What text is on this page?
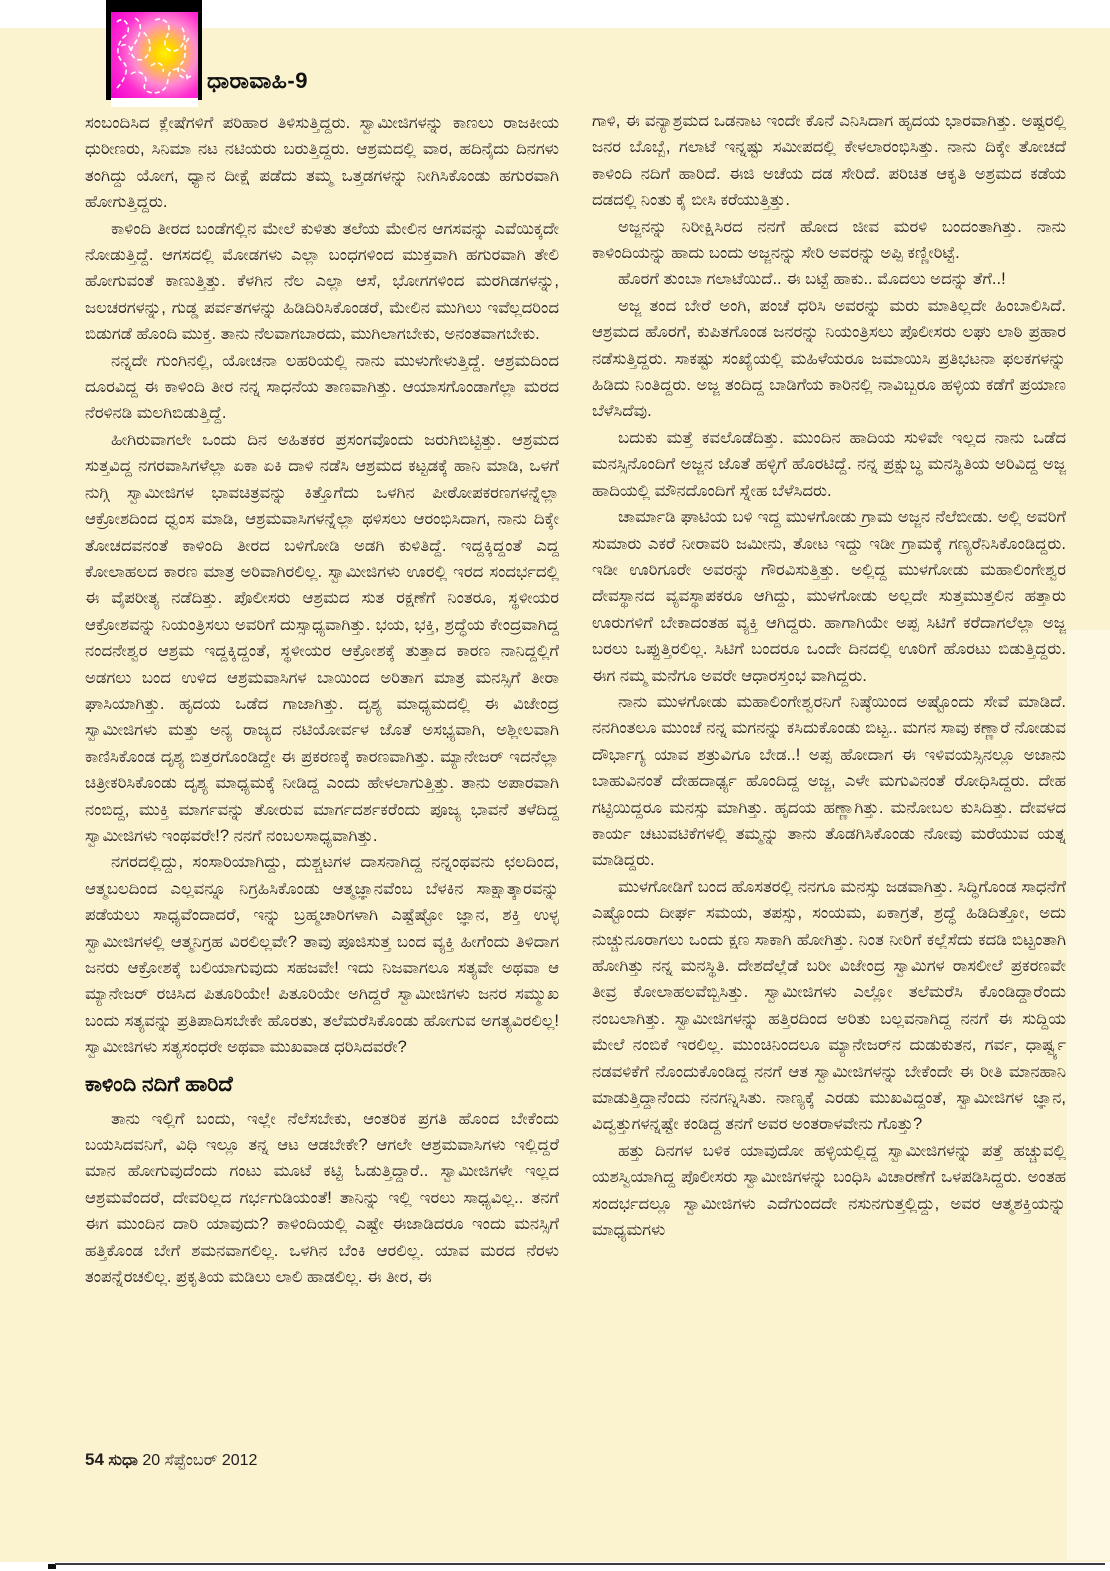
ಧಾರಾವಾಹಿ-9

ಸಂಬಂದಿಸಿದ ಕ್ಲೇಷೆಗಳಿಗೆ ಪರಿಹಾರ ತಿಳಿಸುತ್ತಿದ್ದರು. ಸ್ವಾಮೀಜಿಗಳನ್ನು ಕಾಣಲು ರಾಜಕೀಯ ಧುರೀಣರು, ಸಿನಿಮಾ ನಟ ನಟಿಯರು ಬರುತ್ತಿದ್ದರು. ಆಶ್ರಮದಲ್ಲಿ ವಾರ, ಹದಿನೈದು ದಿನಗಳು ತಂಗಿದ್ದು ಯೋಗ, ಧ್ಯಾನ ದೀಕ್ಷೆ ಪಡೆದು ತಮ್ಮ ಒತ್ತಡಗಳನ್ನು ನೀಗಿಸಿಕೊಂಡು ಹಗುರವಾಗಿ ಹೋಗುತ್ತಿದ್ದರು.

ಕಾಳಿಂದಿ ತೀರದ ಬಂಡೆಗಲ್ಲಿನ ಮೇಲೆ ಕುಳಿತು ತಲೆಯ ಮೇಲಿನ ಆಗಸವನ್ನು ಎವೆಯಿಕ್ಕದೇ ನೋಡುತ್ತಿದ್ದೆ. ಆಗಸದಲ್ಲಿ ಮೋಡಗಳು ಎಲ್ಲಾ ಬಂಧಗಳಿಂದ ಮುಕ್ತವಾಗಿ ಹಗುರವಾಗಿ ತೇಲಿ ಹೋಗುವಂತೆ ಕಾಣುತ್ತಿತ್ತು. ಕೆಳಗಿನ ನೆಲ ಎಲ್ಲಾ ಆಸೆ, ಭೋಗಗಳಿಂದ ಮರಗಿಡಗಳನ್ನು, ಜಲಚರಗಳನ್ನು, ಗುಡ್ಡ ಪರ್ವತಗಳನ್ನು ಹಿಡಿದಿರಿಸಿಕೊಂಡರೆ, ಮೇಲಿನ ಮುಗಿಲು ಇವೆಲ್ಲದರಿಂದ ಬಿಡುಗಡೆ ಹೊಂದಿ ಮುಕ್ತ. ತಾನು ನೆಲವಾಗಬಾರದು, ಮುಗಿಲಾಗಬೇಕು, ಅನಂತವಾಗಬೇಕು.

ನನ್ನದೇ ಗುಂಗಿನಲ್ಲಿ, ಯೋಚನಾ ಲಹರಿಯಲ್ಲಿ ನಾನು ಮುಳುಗೇಳುತ್ತಿದ್ದೆ. ಆಶ್ರಮದಿಂದ ದೂರವಿದ್ದ ಈ ಕಾಳಿಂದಿ ತೀರ ನನ್ನ ಸಾಧನೆಯ ತಾಣವಾಗಿತ್ತು. ಆಯಾಸಗೊಂಡಾಗೆಲ್ಲಾ ಮರದ ನೆರಳಿನಡಿ ಮಲಗಿಬಿಡುತ್ತಿದ್ದೆ.

ಹೀಗಿರುವಾಗಲೇ ಒಂದು ದಿನ ಅಹಿತಕರ ಪ್ರಸಂಗವೊಂದು ಜರುಗಿಬಿಟ್ಟಿತ್ತು. ಆಶ್ರಮದ ಸುತ್ತವಿದ್ದ ನಗರವಾಸಿಗಳೆಲ್ಲಾ ಏಕಾ ಏಕಿ ದಾಳಿ ನಡೆಸಿ ಆಶ್ರಮದ ಕಟ್ಟಡಕ್ಕೆ ಹಾನಿ ಮಾಡಿ, ಒಳಗೆ ನುಗ್ಗಿ ಸ್ವಾಮೀಜಿಗಳ ಭಾವಚಿತ್ರವನ್ನು ಕಿತ್ತೊಗೆದು ಒಳಗಿನ ಪೀಠೋಪಕರಣಗಳನ್ನೆಲ್ಲಾ ಆಕ್ರೋಶದಿಂದ ಧ್ವಂಸ ಮಾಡಿ, ಆಶ್ರಮವಾಸಿಗಳನ್ನೆಲ್ಲಾ ಥಳಿಸಲು ಆರಂಭಿಸಿದಾಗ, ನಾನು ದಿಕ್ಕೇ ತೋಚದವನಂತೆ ಕಾಳಿಂದಿ ತೀರದ ಬಳಿಗೋಡಿ ಅಡಗಿ ಕುಳಿತಿದ್ದೆ. ಇದ್ದಕ್ಕಿದ್ದಂತೆ ಎದ್ದ ಕೋಲಾಹಲದ ಕಾರಣ ಮಾತ್ರ ಅರಿವಾಗಿರಲಿಲ್ಲ. ಸ್ವಾಮೀಜಿಗಳು ಊರಲ್ಲಿ ಇರದ ಸಂದರ್ಭದಲ್ಲಿ ಈ ವೈಪರೀತ್ಯ ನಡೆದಿತ್ತು. ಪೊಲೀಸರು ಆಶ್ರಮದ ಸುತ ರಕ್ಷಣೆಗೆ ನಿಂತರೂ, ಸ್ಥಳೀಯರ ಆಕ್ರೋಶವನ್ನು ನಿಯಂತ್ರಿಸಲು ಅವರಿಗೆ ದುಸ್ಸಾಧ್ಯವಾಗಿತ್ತು. ಭಯ, ಭಕ್ತಿ, ಶ್ರದ್ಧೆಯ ಕೇಂದ್ರವಾಗಿದ್ದ ನಂದನೇಶ್ವರ ಆಶ್ರಮ ಇದ್ದಕ್ಕಿದ್ದಂತೆ, ಸ್ಥಳೀಯರ ಆಕ್ರೋಶಕ್ಕೆ ತುತ್ತಾದ ಕಾರಣ ನಾನಿದ್ದಲ್ಲಿಗೆ ಅಡಗಲು ಬಂದ ಉಳಿದ ಆಶ್ರಮವಾಸಿಗಳ ಬಾಯಿಂದ ಅರಿತಾಗ ಮಾತ್ರ ಮನಸ್ಸಿಗೆ ತೀರಾ ಘಾಸಿಯಾಗಿತ್ತು. ಹೃದಯ ಒಡೆದ ಗಾಜಾಗಿತ್ತು. ದೃಶ್ಯ ಮಾಧ್ಯಮದಲ್ಲಿ ಈ ವಿಜೇಂದ್ರ ಸ್ವಾಮೀಜಿಗಳು ಮತ್ತು ಅನ್ಯ ರಾಜ್ಯದ ನಟಿಯೋರ್ವಳ ಜೊತೆ ಅಸಭ್ಯವಾಗಿ, ಅಶ್ಲೀಲವಾಗಿ ಕಾಣಿಸಿಕೊಂಡ ದೃಶ್ಯ ಬಿತ್ತರಗೊಂಡಿದ್ದೇ ಈ ಪ್ರಕರಣಕ್ಕೆ ಕಾರಣವಾಗಿತ್ತು. ಮ್ಯಾನೇಜರ್ ಇದನೆಲ್ಲಾ ಚಿತ್ರೀಕರಿಸಿಕೊಂಡು ದೃಶ್ಯ ಮಾಧ್ಯಮಕ್ಕೆ ನೀಡಿದ್ದ ಎಂದು ಹೇಳಲಾಗುತ್ತಿತ್ತು. ತಾನು ಅಪಾರವಾಗಿ ನಂಬಿದ್ದ, ಮುಕ್ತಿ ಮಾರ್ಗವನ್ನು ತೋರುವ ಮಾರ್ಗದರ್ಶಕರೆಂದು ಪೂಜ್ಯ ಭಾವನೆ ತಳೆದಿದ್ದ ಸ್ವಾಮೀಜಿಗಳು ಇಂಥವರೇ!? ನನಗೆ ನಂಬಲಸಾಧ್ಯವಾಗಿತ್ತು.

ನಗರದಲ್ಲಿದ್ದು, ಸಂಸಾರಿಯಾಗಿದ್ದು, ದುಶ್ಚಟಗಳ ದಾಸನಾಗಿದ್ದ ನನ್ನಂಥವನು ಛಲದಿಂದ, ಆತ್ಮಬಲದಿಂದ ಎಲ್ಲವನ್ನೂ ನಿಗ್ರಹಿಸಿಕೊಂಡು ಆತ್ಮಜ್ಞಾನವೆಂಬ ಬೆಳಕಿನ ಸಾಕ್ಷಾತ್ಕಾರವನ್ನು ಪಡೆಯಲು ಸಾಧ್ಯವೆಂದಾದರೆ, ಇನ್ನು ಬ್ರಹ್ಮಚಾರಿಗಳಾಗಿ ಎಷ್ಟೆಷ್ಟೋ ಜ್ಞಾನ, ಶಕ್ತಿ ಉಳ್ಳ ಸ್ವಾಮೀಜಿಗಳಲ್ಲಿ ಆತ್ಮನಿಗ್ರಹ ವಿರಲಿಲ್ಲವೇ? ತಾವು ಪೂಜಿಸುತ್ತ ಬಂದ ವ್ಯಕ್ತಿ ಹೀಗೆಂದು ತಿಳಿದಾಗ ಜನರು ಆಕ್ರೋಶಕ್ಕೆ ಬಲಿಯಾಗುವುದು ಸಹಜವೇ! ಇದು ನಿಜವಾಗಲೂ ಸತ್ಯವೇ ಅಥವಾ ಆ ಮ್ಯಾನೇಜರ್ ರಚಿಸಿದ ಪಿತೂರಿಯೇ! ಪಿತೂರಿಯೇ ಅಗಿದ್ದರೆ ಸ್ವಾಮೀಜಿಗಳು ಜನರ ಸಮ್ಮುಖ ಬಂದು ಸತ್ಯವನ್ನು ಪ್ರತಿಪಾದಿಸಬೇಕೇ ಹೊರತು, ತಲೆಮರೆಸಿಕೊಂಡು ಹೋಗುವ ಅಗತ್ಯವಿರಲಿಲ್ಲ! ಸ್ವಾಮೀಜಿಗಳು ಸತ್ಯಸಂಧರೇ ಅಥವಾ ಮುಖವಾಡ ಧರಿಸಿದವರೇ?

ಕಾಳಿಂದಿ ನದಿಗೆ ಹಾರಿದೆ

ತಾನು ಇಲ್ಲಿಗೆ ಬಂದು, ಇಲ್ಲೇ ನೆಲೆಸಬೇಕು, ಆಂತರಿಕ ಪ್ರಗತಿ ಹೊಂದ ಬೇಕೆಂದು ಬಯಸಿದವನಿಗೆ, ವಿಧಿ ಇಲ್ಲೂ ತನ್ನ ಆಟ ಆಡಬೇಕೇ? ಆಗಲೇ ಆಶ್ರಮವಾಸಿಗಳು ಇಲ್ಲಿದ್ದರೆ ಮಾನ ಹೋಗುವುದೆಂದು ಗಂಟು ಮೂಟೆ ಕಟ್ಟಿ ಓಡುತ್ತಿದ್ದಾರೆ.. ಸ್ವಾಮೀಜಿಗಳೇ ಇಲ್ಲದ ಆಶ್ರಮವೆಂದರೆ, ದೇವರಿಲ್ಲದ ಗರ್ಭಗುಡಿಯಂತೆ! ತಾನಿನ್ನು ಇಲ್ಲಿ ಇರಲು ಸಾಧ್ಯವಿಲ್ಲ.. ತನಗೆ ಈಗ ಮುಂದಿನ ದಾರಿ ಯಾವುದು? ಕಾಳಿಂದಿಯಲ್ಲಿ ಎಷ್ಟೇ ಈಜಾಡಿದರೂ ಇಂದು ಮನಸ್ಸಿಗೆ ಹತ್ತಿಕೊಂಡ ಬೇಗೆ ಶಮನವಾಗಲಿಲ್ಲ. ಒಳಗಿನ ಬೆಂಕಿ ಆರಲಿಲ್ಲ. ಯಾವ ಮರದ ನೆರಳು ತಂಪನ್ನೆರಚಲಿಲ್ಲ. ಪ್ರಕೃತಿಯ ಮಡಿಲು ಲಾಲಿ ಹಾಡಲಿಲ್ಲ. ಈ ತೀರ, ಈ

ಗಾಳಿ, ಈ ವನ್ಯಾಶ್ರಮದ ಒಡನಾಟ ಇಂದೇ ಕೊನೆ ಎನಿಸಿದಾಗ ಹೃದಯ ಭಾರವಾಗಿತ್ತು. ಅಷ್ಟರಲ್ಲಿ ಜನರ ಬೊಬ್ಬೆ, ಗಲಾಟೆ ಇನ್ನಷ್ಟು ಸಮೀಪದಲ್ಲಿ ಕೇಳಲಾರಂಭಿಸಿತ್ತು. ನಾನು ದಿಕ್ಕೇ ತೋಚದೆ ಕಾಳಿಂದಿ ನದಿಗೆ ಹಾರಿದೆ. ಈಜಿ ಅಚೆಯ ದಡ ಸೇರಿದೆ. ಪರಿಚಿತ ಆಕೃತಿ ಅಶ್ರಮದ ಕಡೆಯ ದಡದಲ್ಲಿ ನಿಂತು ಕೈ ಬೀಸಿ ಕರೆಯುತ್ತಿತ್ತು.

ಅಜ್ಜನನ್ನು ನಿರೀಕ್ಷಿಸಿರದ ನನಗೆ ಹೋದ ಜೀವ ಮರಳಿ ಬಂದಂತಾಗಿತ್ತು. ನಾನು ಕಾಳಿಂದಿಯನ್ನು ಹಾದು ಬಂದು ಅಜ್ಜನನ್ನು ಸೇರಿ ಅವರನ್ನು ಅಪ್ಪಿ ಕಣ್ಣೀರಿಟ್ಟೆ.

ಹೊರಗೆ ತುಂಬಾ ಗಲಾಟೆಯಿದೆ.. ಈ ಬಟ್ಟೆ ಹಾಕು.. ಮೊದಲು ಅದನ್ನು ತೆಗೆ..!

ಅಜ್ಜ ತಂದ ಬೇರೆ ಅಂಗಿ, ಪಂಚೆ ಧರಿಸಿ ಅವರನ್ನು ಮರು ಮಾತಿಲ್ಲದೇ ಹಿಂಬಾಲಿಸಿದೆ. ಆಶ್ರಮದ ಹೊರಗೆ, ಕುಪಿತಗೊಂಡ ಜನರನ್ನು ನಿಯಂತ್ರಿಸಲು ಪೊಲೀಸರು ಲಘು ಲಾಠಿ ಪ್ರಹಾರ ನಡೆಸುತ್ತಿದ್ದರು. ಸಾಕಷ್ಟು ಸಂಖ್ಯೆಯಲ್ಲಿ ಮಹಿಳೆಯರೂ ಜಮಾಯಿಸಿ ಪ್ರತಿಭಟನಾ ಫಲಕಗಳನ್ನು ಹಿಡಿದು ನಿಂತಿದ್ದರು. ಅಜ್ಜ ತಂದಿದ್ದ ಬಾಡಿಗೆಯ ಕಾರಿನಲ್ಲಿ ನಾವಿಬ್ಬರೂ ಹಳ್ಳಿಯ ಕಡೆಗೆ ಪ್ರಯಾಣ ಬೆಳೆಸಿದೆವು.

ಬದುಕು ಮತ್ತೆ ಕವಲೊಡೆದಿತ್ತು. ಮುಂದಿನ ಹಾದಿಯ ಸುಳಿವೇ ಇಲ್ಲದ ನಾನು ಒಡೆದ ಮನಸ್ಸಿನೊಂದಿಗೆ ಅಜ್ಜನ ಜೊತೆ ಹಳ್ಳಿಗೆ ಹೊರಟಿದ್ದೆ. ನನ್ನ ಪ್ರಕ್ಷುಬ್ಧ ಮನಸ್ಥಿತಿಯ ಅರಿವಿದ್ದ ಅಜ್ಜ ಹಾದಿಯಲ್ಲಿ ಮೌನದೊಂದಿಗೆ ಸ್ನೇಹ ಬೆಳೆಸಿದರು.

ಚಾರ್ಮಾಡಿ ಘಾಟಿಯ ಬಳಿ ಇದ್ದ ಮುಳಗೋಡು ಗ್ರಾಮ ಅಜ್ಜನ ನೆಲೆಬೀಡು. ಅಲ್ಲಿ ಅವರಿಗೆ ಸುಮಾರು ಎಕರೆ ನೀರಾವರಿ ಜಮೀನು, ತೋಟ ಇದ್ದು ಇಡೀ ಗ್ರಾಮಕ್ಕೆ ಗಣ್ಯರೆನಿಸಿಕೊಂಡಿದ್ದರು. ಇಡೀ ಊರಿಗೂರೇ ಅವರನ್ನು ಗೌರವಿಸುತ್ತಿತ್ತು. ಅಲ್ಲಿದ್ದ ಮುಳಗೋಡು ಮಹಾಲಿಂಗೇಶ್ವರ ದೇವಸ್ಥಾನದ ವ್ಯವಸ್ಥಾಪಕರೂ ಆಗಿದ್ದು, ಮುಳಗೋಡು ಅಲ್ಲದೇ ಸುತ್ತಮುತ್ತಲಿನ ಹತ್ತಾರು ಊರುಗಳಿಗೆ ಬೇಕಾದಂತಹ ವ್ಯಕ್ತಿ ಆಗಿದ್ದರು. ಹಾಗಾಗಿಯೇ ಅಪ್ಪ ಸಿಟಿಗೆ ಕರೆದಾಗಲೆಲ್ಲಾ ಅಜ್ಜ ಬರಲು ಒಪ್ಪುತ್ತಿರಲಿಲ್ಲ. ಸಿಟಿಗೆ ಬಂದರೂ ಒಂದೇ ದಿನದಲ್ಲಿ ಊರಿಗೆ ಹೊರಟು ಬಿಡುತ್ತಿದ್ದರು. ಈಗ ನಮ್ಮ ಮನೆಗೂ ಅವರೇ ಆಧಾರಸ್ತಂಭ ವಾಗಿದ್ದರು.

ನಾನು ಮುಳಗೋಡು ಮಹಾಲಿಂಗೇಶ್ವರನಿಗೆ ನಿಷ್ಠೆಯಿಂದ ಅಷ್ಟೊಂದು ಸೇವೆ ಮಾಡಿದೆ. ನನಗಿಂತಲೂ ಮುಂಚೆ ನನ್ನ ಮಗನನ್ನು ಕಸಿದುಕೊಂಡು ಬಿಟ್ಟ.. ಮಗನ ಸಾವು ಕಣ್ಣಾರೆ ನೋಡುವ ದೌರ್ಭಾಗ್ಯ ಯಾವ ಶತ್ರುವಿಗೂ ಬೇಡ..! ಅಪ್ಪ ಹೋದಾಗ ಈ ಇಳಿವಯಸ್ಸಿನಲ್ಲೂ ಅಜಾನು ಬಾಹುವಿನಂತೆ ದೇಹದಾರ್ಢ್ಯ ಹೊಂದಿದ್ದ ಅಜ್ಜ, ಎಳೇ ಮಗುವಿನಂತೆ ರೋಧಿಸಿದ್ದರು. ದೇಹ ಗಟ್ಟಿಯಿದ್ದರೂ ಮನಸ್ಸು ಮಾಗಿತ್ತು. ಹೃದಯ ಹಣ್ಣಾಗಿತ್ತು. ಮನೋಬಲ ಕುಸಿದಿತ್ತು. ದೇವಳದ ಕಾರ್ಯ ಚಟುವಟಿಕೆಗಳಲ್ಲಿ ತಮ್ಮನ್ನು ತಾನು ತೊಡಗಿಸಿಕೊಂಡು ನೋವು ಮರೆಯುವ ಯತ್ನ ಮಾಡಿದ್ದರು.

ಮುಳಗೋಡಿಗೆ ಬಂದ ಹೊಸತರಲ್ಲಿ ನನಗೂ ಮನಸ್ಸು ಜಡವಾಗಿತ್ತು. ಸಿದ್ಧಿಗೊಂಡ ಸಾಧನೆಗೆ ಎಷ್ಟೊಂದು ದೀರ್ಘ ಸಮಯ, ತಪಸ್ಸು, ಸಂಯಮ, ಏಕಾಗ್ರತೆ, ಶ್ರದ್ಧೆ ಹಿಡಿದಿತ್ತೋ, ಅದು ನುಚ್ಚುನೂರಾಗಲು ಒಂದು ಕ್ಷಣ ಸಾಕಾಗಿ ಹೋಗಿತ್ತು. ನಿಂತ ನೀರಿಗೆ ಕಲ್ಲೆಸೆದು ಕದಡಿ ಬಿಟ್ಟಂತಾಗಿ ಹೋಗಿತ್ತು ನನ್ನ ಮನಸ್ಥಿತಿ. ದೇಶದೆಲ್ಲೆಡೆ ಬರೀ ವಿಜೇಂದ್ರ ಸ್ವಾಮಿಗಳ ರಾಸಲೀಲೆ ಪ್ರಕರಣವೇ ತೀವ್ರ ಕೋಲಾಹಲವೆಬ್ಬಿಸಿತ್ತು. ಸ್ವಾಮೀಜಿಗಳು ಎಲ್ಲೋ ತಲೆಮರೆಸಿ ಕೊಂಡಿದ್ದಾರೆಂದು ನಂಬಲಾಗಿತ್ತು. ಸ್ವಾಮೀಜಿಗಳನ್ನು ಹತ್ತಿರದಿಂದ ಅರಿತು ಬಲ್ಲವನಾಗಿದ್ದ ನನಗೆ ಈ ಸುದ್ದಿಯ ಮೇಲೆ ನಂಬಿಕೆ ಇರಲಿಲ್ಲ. ಮುಂಚಿನಿಂದಲೂ ಮ್ಯಾನೇಜರ್‌ನ ದುಡುಕುತನ, ಗರ್ವ, ಧಾರ್ಷ್ಟ್ಯ ನಡವಳಿಕೆಗೆ ನೊಂದುಕೊಂಡಿದ್ದ ನನಗೆ ಆತ ಸ್ವಾಮೀಜಿಗಳನ್ನು ಬೇಕೆಂದೇ ಈ ರೀತಿ ಮಾನಹಾನಿ ಮಾಡುತ್ತಿದ್ದಾನೆಂದು ನನಗನ್ನಿಸಿತು. ನಾಣ್ಯಕ್ಕೆ ಎರಡು ಮುಖವಿದ್ದಂತೆ, ಸ್ವಾಮೀಜಿಗಳ ಜ್ಞಾನ, ವಿದ್ವತ್ತುಗಳನ್ನಷ್ಟೇ ಕಂಡಿದ್ದ ತನಗೆ ಅವರ ಅಂತರಾಳವೇನು ಗೊತ್ತು?

ಹತ್ತು ದಿನಗಳ ಬಳಿಕ ಯಾವುದೋ ಹಳ್ಳಿಯಲ್ಲಿದ್ದ ಸ್ವಾಮೀಜಿಗಳನ್ನು ಪತ್ತೆ ಹಚ್ಚುವಲ್ಲಿ ಯಶಸ್ವಿಯಾಗಿದ್ದ ಪೊಲೀಸರು ಸ್ವಾಮೀಜಿಗಳನ್ನು ಬಂಧಿಸಿ ವಿಚಾರಣೆಗೆ ಒಳಪಡಿಸಿದ್ದರು. ಅಂತಹ ಸಂದರ್ಭದಲ್ಲೂ ಸ್ವಾಮೀಜಿಗಳು ಎದೆಗುಂದದೇ ನಸುನಗುತ್ತಲ್ಲಿದ್ದು, ಅವರ ಆತ್ಮಶಕ್ತಿಯನ್ನು ಮಾಧ್ಯಮಗಳು

54 ಸುಧಾ 20 ಸೆಪ್ಟೆಂಬರ್ 2012
